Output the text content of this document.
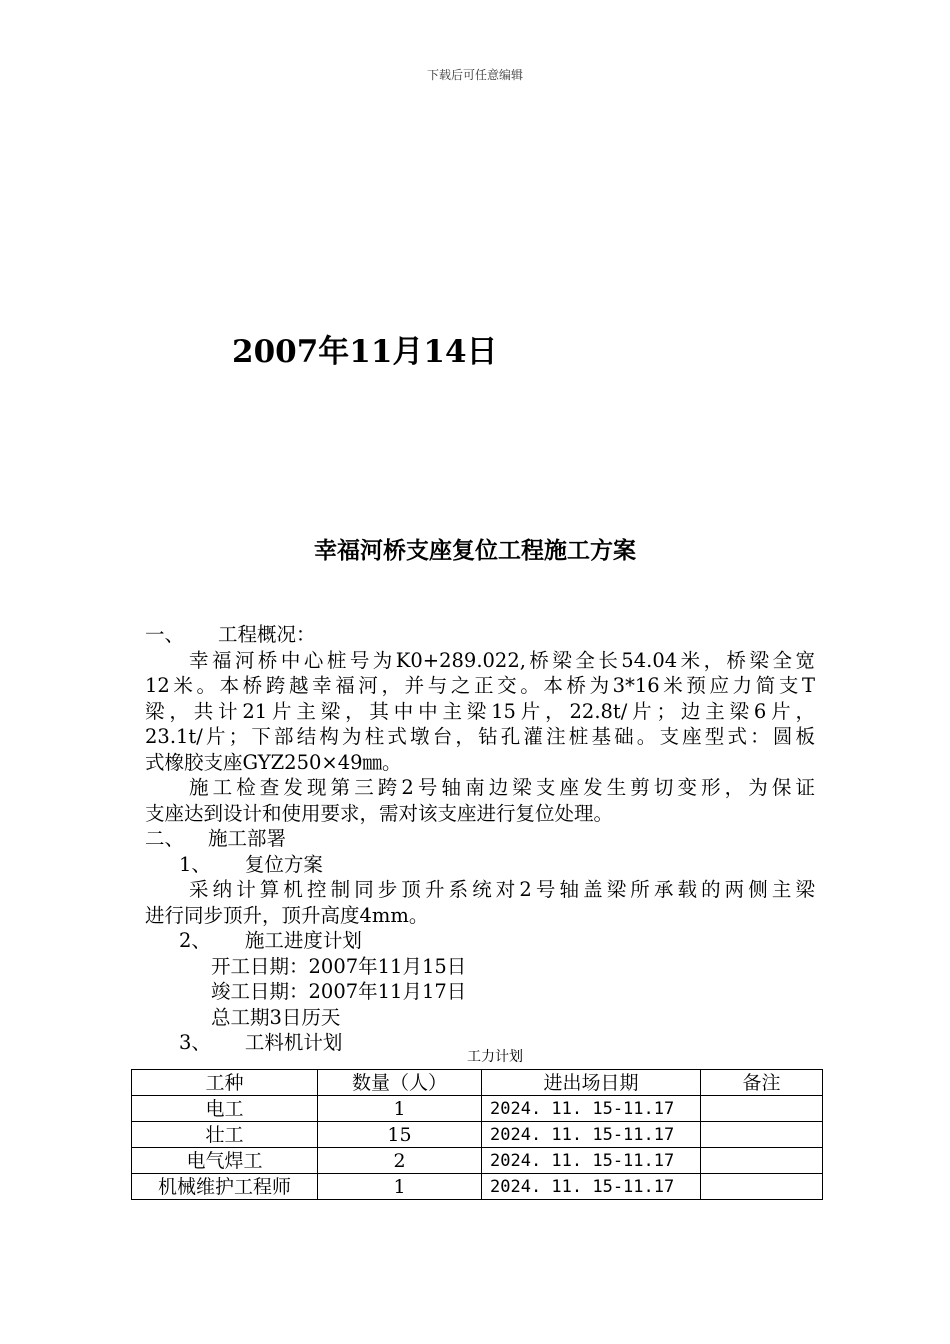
下载后可任意编辑
2007年11月14日
幸福河桥支座复位工程施工方案
一、 工程概况：
幸福河桥中心桩号为K0+289.022,桥梁全长54.04米，桥梁全宽
12米。本桥跨越幸福河，并与之正交。本桥为3*16米预应力简支T
梁，共计21片主梁，其中中主梁15片，22.8t/片；边主梁6片，
23.1t/片；下部结构为柱式墩台，钻孔灌注桩基础。支座型式：圆板
式橡胶支座GYZ250×49㎜。
施工检查发现第三跨2号轴南边梁支座发生剪切变形，为保证
支座达到设计和使用要求，需对该支座进行复位处理。
二、 施工部署
1、 复位方案
采纳计算机控制同步顶升系统对2号轴盖梁所承载的两侧主梁
进行同步顶升，顶升高度4mm。
2、 施工进度计划
开工日期：2007年11月15日
竣工日期：2007年11月17日
总工期3日历天
3、 工料机计划
工力计划
工种	数量（人）	进出场日期	备注
电工	1	2024. 11. 15-11.17	
壮工	15	2024. 11. 15-11.17	
电气焊工	2	2024. 11. 15-11.17	
机械维护工程师	1	2024. 11. 15-11.17	
